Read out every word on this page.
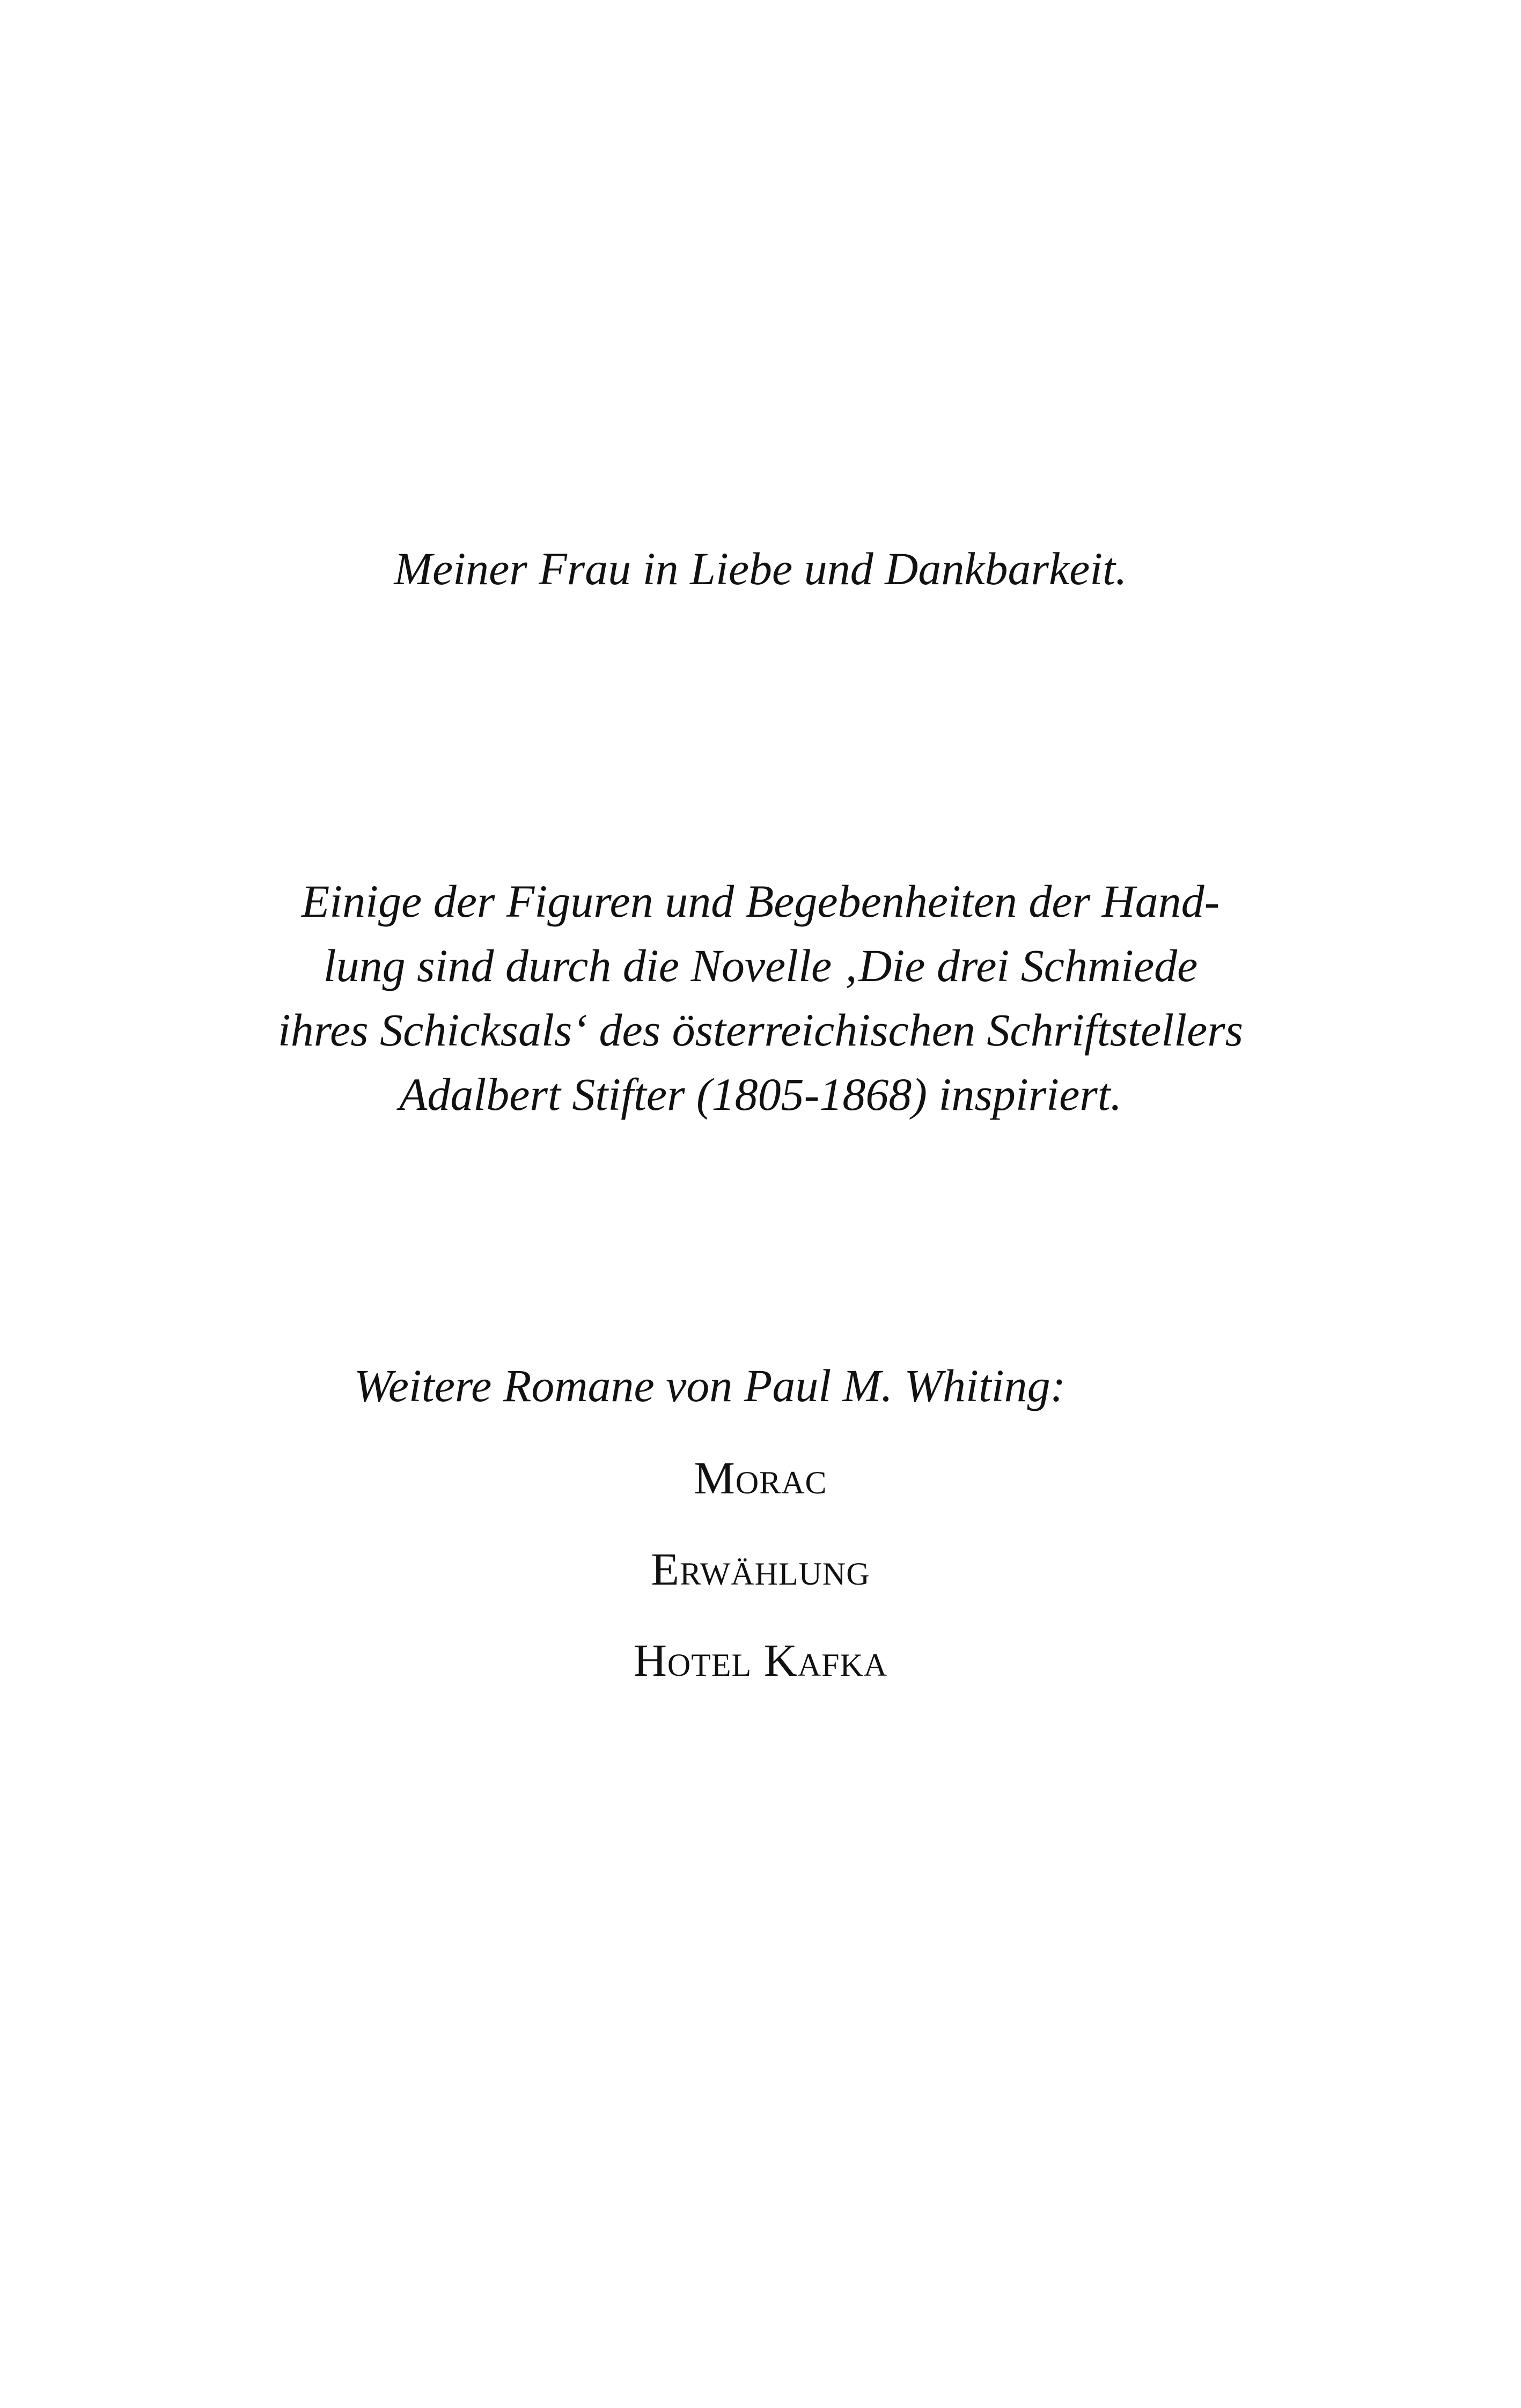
Meiner Frau in Liebe und Dankbarkeit.

Einige der Figuren und Begebenheiten der Hand-
lung sind durch die Novelle ‚Die drei Schmiede
ihres Schicksals‘ des österreichischen Schriftstellers
Adalbert Stifter (1805-1868) inspiriert.

Weitere Romane von Paul M. Whiting:

Morac
Erwählung
Hotel Kafka
